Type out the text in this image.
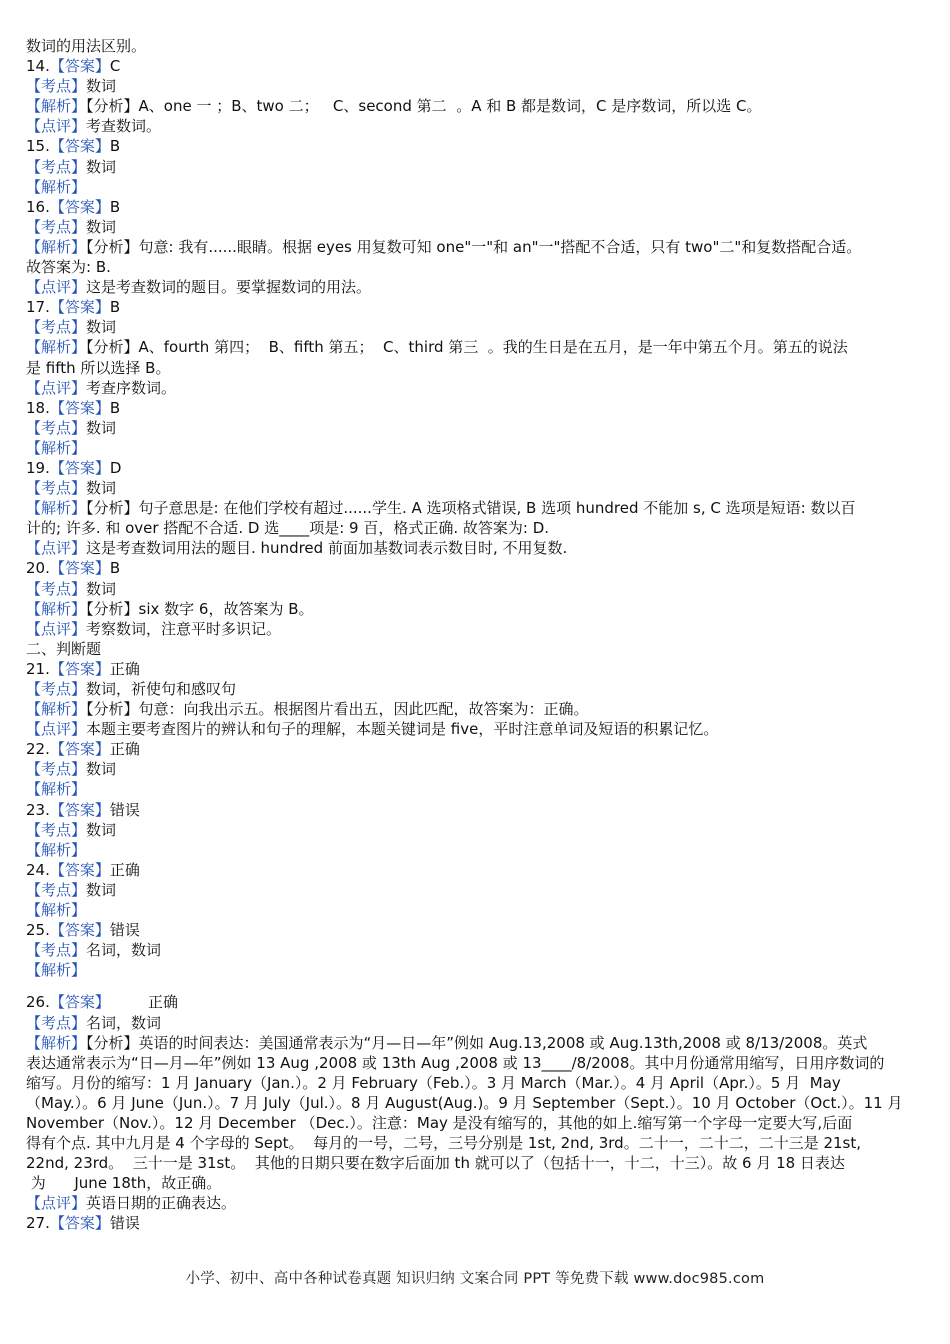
数词的用法区别。
14.【答案】C
【考点】数词
【解析】【分析】A、one 一 ；B、two 二；   C、second 第二  。A 和 B 都是数词，C 是序数词，所以选 C。
【点评】考查数词。
15.【答案】B
【考点】数词
【解析】
16.【答案】B
【考点】数词
【解析】【分析】句意: 我有......眼睛。根据 eyes 用复数可知 one"一"和 an"一"搭配不合适，只有 two"二"和复数搭配合适。
故答案为: B.
【点评】这是考查数词的题目。要掌握数词的用法。
17.【答案】B
【考点】数词
【解析】【分析】A、fourth 第四；  B、fifth 第五；  C、third 第三  。我的生日是在五月，是一年中第五个月。第五的说法
是 fifth 所以选择 B。
【点评】考查序数词。
18.【答案】B
【考点】数词
【解析】
19.【答案】D
【考点】数词
【解析】【分析】句子意思是: 在他们学校有超过......学生. A 选项格式错误, B 选项 hundred 不能加 s, C 选项是短语: 数以百
计的; 许多. 和 over 搭配不合适. D 选____项是: 9 百，格式正确. 故答案为: D.
【点评】这是考查数词用法的题目. hundred 前面加基数词表示数目时, 不用复数.
20.【答案】B
【考点】数词
【解析】【分析】six 数字 6，故答案为 B。
【点评】考察数词，注意平时多识记。
二、判断题
21.【答案】正确
【考点】数词，祈使句和感叹句
【解析】【分析】句意：向我出示五。根据图片看出五，因此匹配，故答案为：正确。
【点评】本题主要考查图片的辨认和句子的理解，本题关键词是 five，平时注意单词及短语的积累记忆。
22.【答案】正确
【考点】数词
【解析】
23.【答案】错误
【考点】数词
【解析】
24.【答案】正确
【考点】数词
【解析】
25.【答案】错误
【考点】名词，数词
【解析】
26.【答案】        正确
【考点】名词，数词
【解析】【分析】英语的时间表达：美国通常表示为“月—日—年”例如 Aug.13,2008 或 Aug.13th,2008 或 8/13/2008。英式
表达通常表示为“日—月—年”例如 13 Aug ,2008 或 13th Aug ,2008 或 13____/8/2008。其中月份通常用缩写，日用序数词的
缩写。月份的缩写：1 月 January（Jan.）。2 月 February（Feb.）。3 月 March（Mar.）。4 月 April（Apr.）。5 月  May
（May.）。6 月 June（Jun.）。7 月 July（Jul.）。8 月 August(Aug.)。9 月 September（Sept.）。10 月 October（Oct.）。11 月
November（Nov.）。12 月 December （Dec.）。注意：May 是没有缩写的，其他的如上.缩写第一个字母一定要大写,后面
得有个点. 其中九月是 4 个字母的 Sept。  每月的一号，二号，三号分别是 1st, 2nd, 3rd。二十一，二十二，二十三是 21st,
22nd, 23rd。  三十一是 31st。  其他的日期只要在数字后面加 th 就可以了（包括十一，十二，十三）。故 6 月 18 日表达
为      June 18th，故正确。
【点评】英语日期的正确表达。
27.【答案】错误
小学、初中、高中各种试卷真题 知识归纳 文案合同 PPT 等免费下载 www.doc985.com
